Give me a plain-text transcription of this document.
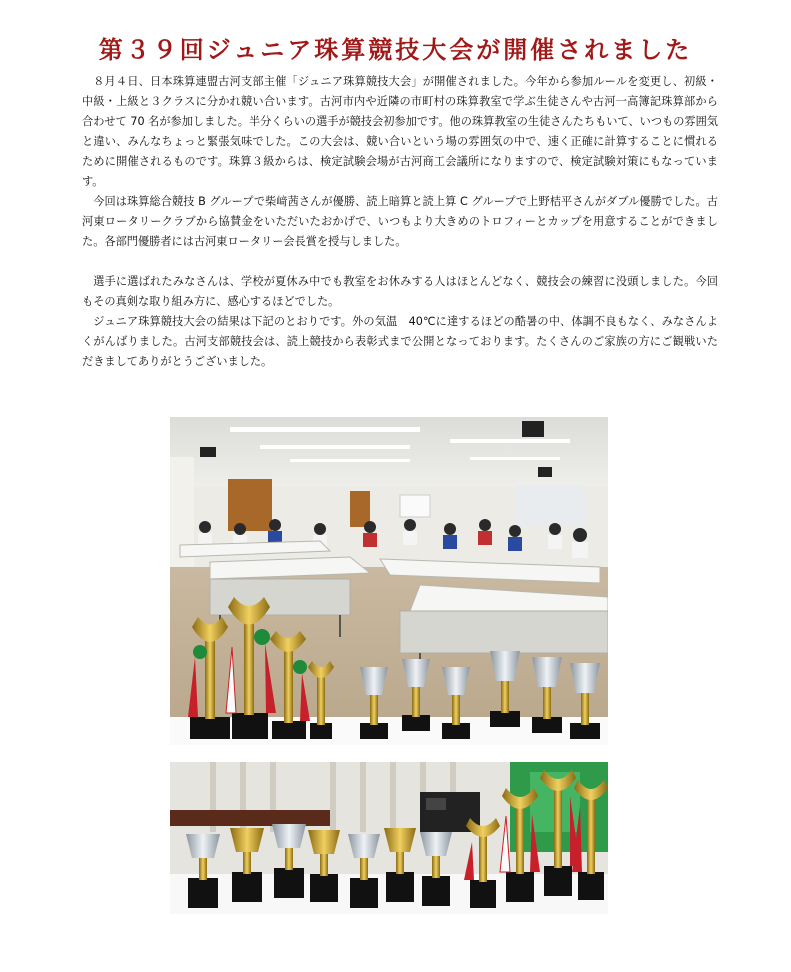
第３９回ジュニア珠算競技大会が開催されました

８月４日、日本珠算連盟古河支部主催「ジュニア珠算競技大会」が開催されました。今年から参加ルールを変更し、初級・中級・上級と３クラスに分かれ競い合います。古河市内や近隣の市町村の珠算教室で学ぶ生徒さんや古河一高簿記珠算部から合わせて 70 名が参加しました。半分くらいの選手が競技会初参加です。他の珠算教室の生徒さんたちもいて、いつもの雰囲気と違い、みんなちょっと緊張気味でした。この大会は、競い合いという場の雰囲気の中で、速く正確に計算することに慣れるために開催されるものです。珠算３級からは、検定試験会場が古河商工会議所になりますので、検定試験対策にもなっています。

今回は珠算総合競技 B グループで柴﨑茜さんが優勝、読上暗算と読上算 C グループで上野桔平さんがダブル優勝でした。古河東ロータリークラブから協賛金をいただいたおかげで、いつもより大きめのトロフィーとカップを用意することができました。各部門優勝者には古河東ロータリー会長賞を授与しました。

選手に選ばれたみなさんは、学校が夏休み中でも教室をお休みする人はほとんどなく、競技会の練習に没頭しました。今回もその真剣な取り組み方に、感心するほどでした。

ジュニア珠算競技大会の結果は下記のとおりです。外の気温　40℃に達するほどの酷暑の中、体調不良もなく、みなさんよくがんばりました。古河支部競技会は、読上競技から表彰式まで公開となっております。たくさんのご家族の方にご観戦いただきましてありがとうございました。
